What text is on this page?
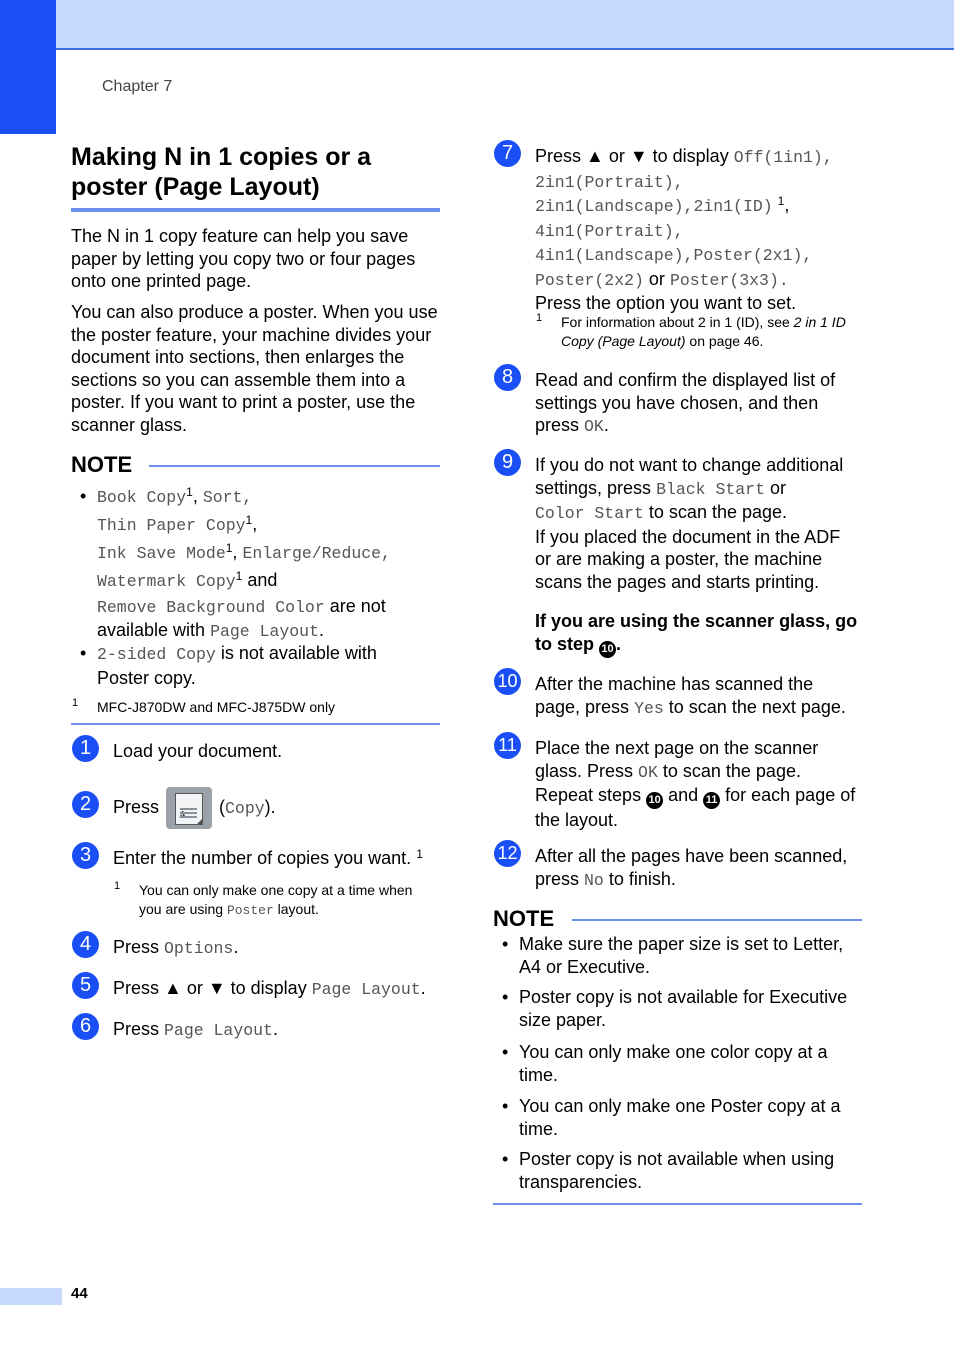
Chapter 7
Making N in 1 copies or a
poster (Page Layout)
The N in 1 copy feature can help you save paper by letting you copy two or four pages onto one printed page.
You can also produce a poster. When you use the poster feature, your machine divides your document into sections, then enlarges the sections so you can assemble them into a poster. If you want to print a poster, use the scanner glass.
NOTE
• Book Copy$^1$, Sort,
Thin Paper Copy$^1$,
Ink Save Mode$^1$, Enlarge/Reduce,
Watermark Copy$^1$ and
Remove Background Color are not
available with Page Layout.
• 2-sided Copy is not available with
Poster copy.
1 MFC-J870DW and MFC-J875DW only
1	Load your document.
2	Press	(Copy).
3	Enter the number of copies you want. $^1$
1 You can only make one copy at a time when
you are using Poster layout.
4	Press Options.
5	Press ▲ or ▼ to display Page Layout.
6	Press Page Layout.
7	Press ▲ or ▼ to display Off(1in1),
2in1(Portrait),
2in1(Landscape),2in1(ID) $^1$,
4in1(Portrait),
4in1(Landscape),Poster(2x1),
Poster(2x2) or Poster(3x3).
Press the option you want to set.
1 For information about 2 in 1 (ID), see 2 in 1 ID
Copy (Page Layout) on page 46.
8	Read and confirm the displayed list of
settings you have chosen, and then
press OK.
9	If you do not want to change additional
settings, press Black Start or
Color Start to scan the page.
If you placed the document in the ADF
or are making a poster, the machine
scans the pages and starts printing.
If you are using the scanner glass, go
to step 10 .
10 After the machine has scanned the
page, press Yes to scan the next page.
11 Place the next page on the scanner
glass. Press OK to scan the page.
Repeat steps 10 and 11 for each page of
the layout.
12 After all the pages have been scanned,
press No to finish.
NOTE
• Make sure the paper size is set to Letter,
A4 or Executive.
• Poster copy is not available for Executive
size paper.
• You can only make one color copy at a
time.
• You can only make one Poster copy at a
time.
• Poster copy is not available when using
transparencies.
44
